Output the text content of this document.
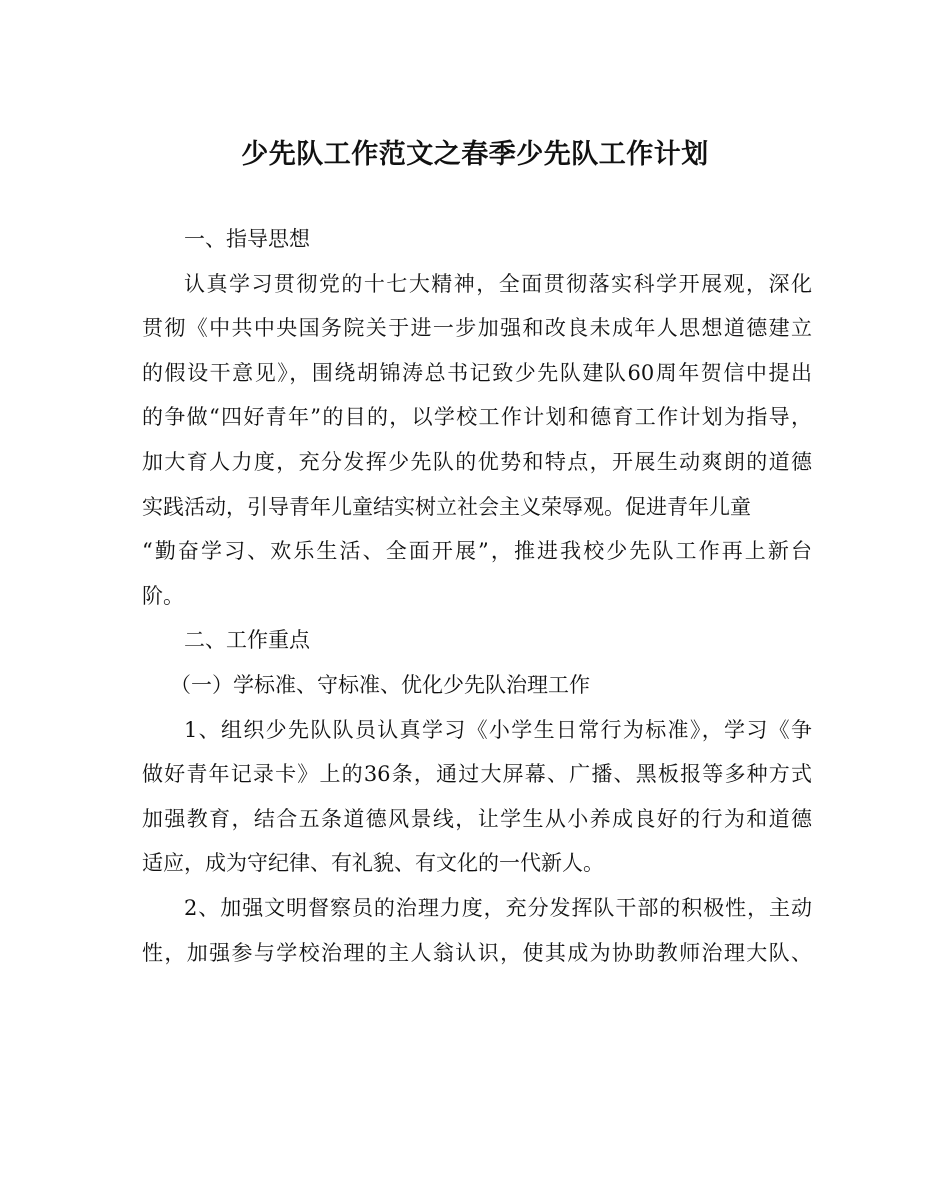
少先队工作范文之春季少先队工作计划
一、指导思想
认真学习贯彻党的十七大精神，全面贯彻落实科学开展观，深化
贯彻《中共中央国务院关于进一步加强和改良未成年人思想道德建立
的假设干意见》，围绕胡锦涛总书记致少先队建队60周年贺信中提出
的争做“四好青年”的目的，以学校工作计划和德育工作计划为指导，
加大育人力度，充分发挥少先队的优势和特点，开展生动爽朗的道德
实践活动，引导青年儿童结实树立社会主义荣辱观。促进青年儿童
“勤奋学习、欢乐生活、全面开展”，推进我校少先队工作再上新台
阶。
二、工作重点
（一）学标准、守标准、优化少先队治理工作
1、组织少先队队员认真学习《小学生日常行为标准》，学习《争
做好青年记录卡》上的36条，通过大屏幕、广播、黑板报等多种方式
加强教育，结合五条道德风景线，让学生从小养成良好的行为和道德
适应，成为守纪律、有礼貌、有文化的一代新人。
2、加强文明督察员的治理力度，充分发挥队干部的积极性，主动
性，加强参与学校治理的主人翁认识，使其成为协助教师治理大队、
